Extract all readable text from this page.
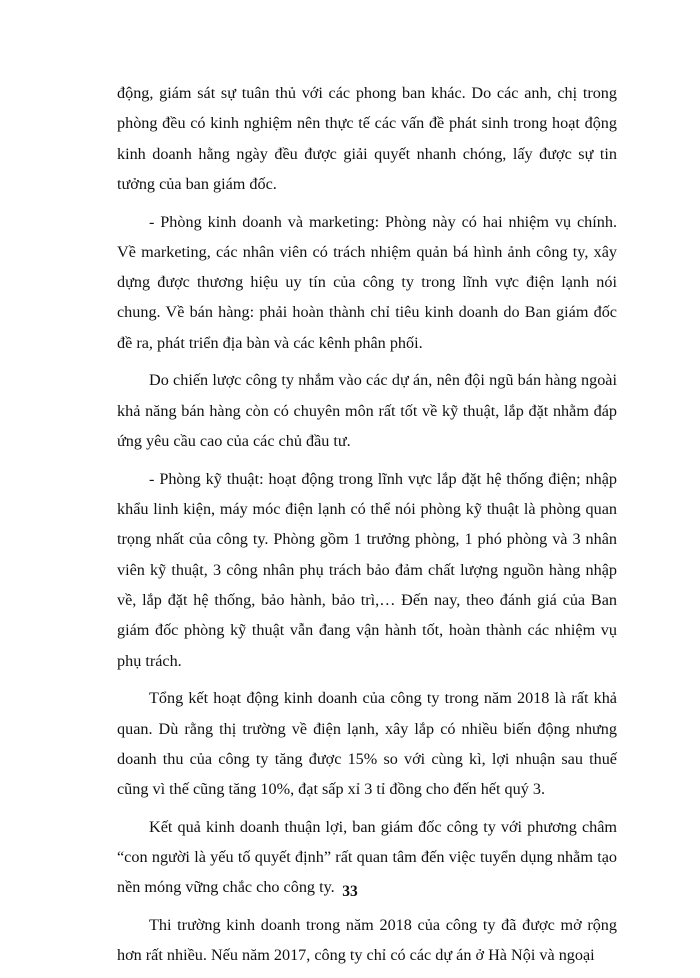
động, giám sát sự tuân thủ với các phong ban khác. Do các anh, chị trong phòng đều có kinh nghiệm nên thực tế các vấn đề phát sinh trong hoạt động kinh doanh hằng ngày đều được giải quyết nhanh chóng, lấy được sự tin tưởng của ban giám đốc.

- Phòng kinh doanh và marketing: Phòng này có hai nhiệm vụ chính. Về marketing, các nhân viên có trách nhiệm quản bá hình ảnh công ty, xây dựng được thương hiệu uy tín của công ty trong lĩnh vực điện lạnh nói chung. Về bán hàng: phải hoàn thành chỉ tiêu kinh doanh do Ban giám đốc đề ra, phát triển địa bàn và các kênh phân phối.

Do chiến lược công ty nhắm vào các dự án, nên đội ngũ bán hàng ngoài khả năng bán hàng còn có chuyên môn rất tốt về kỹ thuật, lắp đặt nhằm đáp ứng yêu cầu cao của các chủ đầu tư.

- Phòng kỹ thuật: hoạt động trong lĩnh vực lắp đặt hệ thống điện; nhập khẩu linh kiện, máy móc điện lạnh có thể nói phòng kỹ thuật là phòng quan trọng nhất của công ty. Phòng gồm 1 trưởng phòng, 1 phó phòng và 3 nhân viên kỹ thuật, 3 công nhân phụ trách bảo đảm chất lượng nguồn hàng nhập về, lắp đặt hệ thống, bảo hành, bảo trì,… Đến nay, theo đánh giá của Ban giám đốc phòng kỹ thuật vẫn đang vận hành tốt, hoàn thành các nhiệm vụ phụ trách.

Tổng kết hoạt động kinh doanh của công ty trong năm 2018 là rất khả quan. Dù rằng thị trường về điện lạnh, xây lắp có nhiều biến động nhưng doanh thu của công ty tăng được 15% so với cùng kì, lợi nhuận sau thuế cũng vì thế cũng tăng 10%, đạt sấp xỉ 3 tỉ đồng cho đến hết quý 3.

Kết quả kinh doanh thuận lợi, ban giám đốc công ty với phương châm “con người là yếu tố quyết định” rất quan tâm đến việc tuyển dụng nhằm tạo nền móng vững chắc cho công ty.

Thi trường kinh doanh trong năm 2018 của công ty đã được mở rộng hơn rất nhiều. Nếu năm 2017, công ty chỉ có các dự án ở Hà Nội và ngoại

33
